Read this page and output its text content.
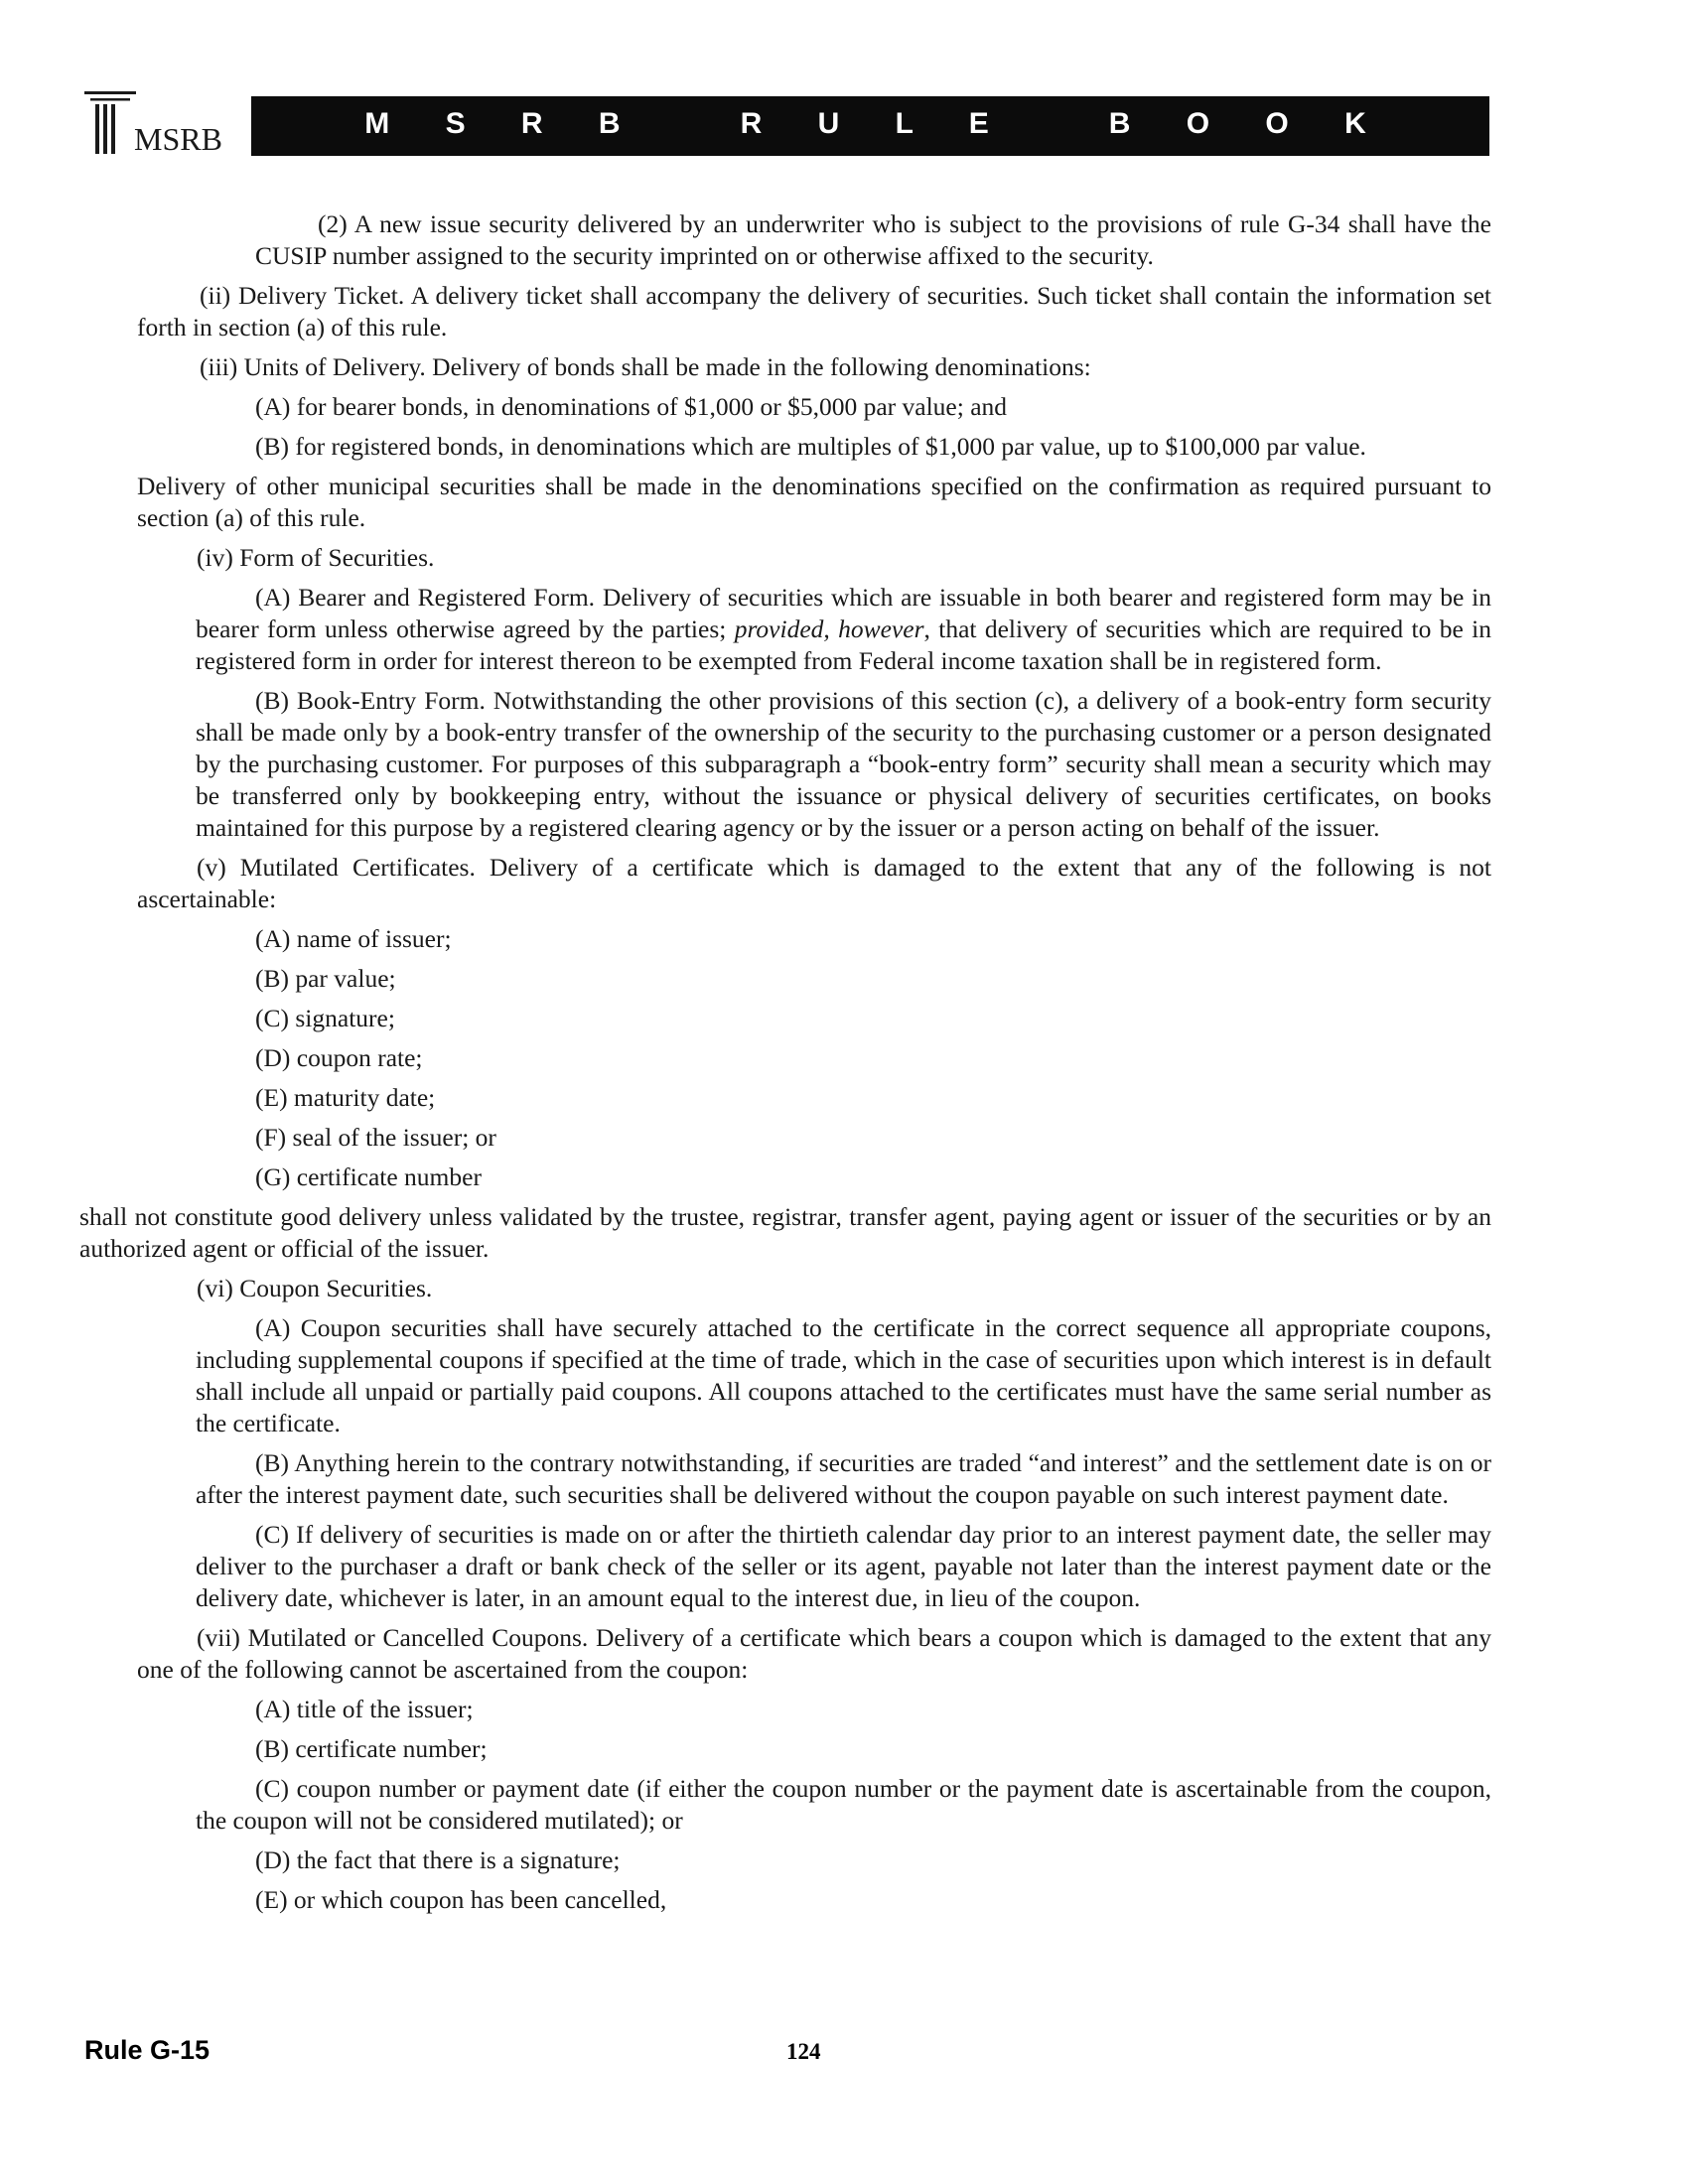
MSRB	M S R B   R U L E   B O O K
(2) A new issue security delivered by an underwriter who is subject to the provisions of rule G-34 shall have the CUSIP number assigned to the security imprinted on or otherwise affixed to the security.
(ii) Delivery Ticket. A delivery ticket shall accompany the delivery of securities. Such ticket shall contain the information set forth in section (a) of this rule.
(iii) Units of Delivery. Delivery of bonds shall be made in the following denominations:
(A) for bearer bonds, in denominations of $1,000 or $5,000 par value; and
(B) for registered bonds, in denominations which are multiples of $1,000 par value, up to $100,000 par value.
Delivery of other municipal securities shall be made in the denominations specified on the confirmation as required pursuant to section (a) of this rule.
(iv) Form of Securities.
(A) Bearer and Registered Form. Delivery of securities which are issuable in both bearer and registered form may be in bearer form unless otherwise agreed by the parties; provided, however, that delivery of securities which are required to be in registered form in order for interest thereon to be exempted from Federal income taxation shall be in registered form.
(B) Book-Entry Form. Notwithstanding the other provisions of this section (c), a delivery of a book-entry form security shall be made only by a book-entry transfer of the ownership of the security to the purchasing customer or a person designated by the purchasing customer. For purposes of this subparagraph a “book-entry form” security shall mean a security which may be transferred only by bookkeeping entry, without the issuance or physical delivery of securities certificates, on books maintained for this purpose by a registered clearing agency or by the issuer or a person acting on behalf of the issuer.
(v) Mutilated Certificates. Delivery of a certificate which is damaged to the extent that any of the following is not ascertainable:
(A) name of issuer;
(B) par value;
(C) signature;
(D) coupon rate;
(E) maturity date;
(F) seal of the issuer; or
(G) certificate number
shall not constitute good delivery unless validated by the trustee, registrar, transfer agent, paying agent or issuer of the securities or by an authorized agent or official of the issuer.
(vi) Coupon Securities.
(A) Coupon securities shall have securely attached to the certificate in the correct sequence all appropriate coupons, including supplemental coupons if specified at the time of trade, which in the case of securities upon which interest is in default shall include all unpaid or partially paid coupons. All coupons attached to the certificates must have the same serial number as the certificate.
(B) Anything herein to the contrary notwithstanding, if securities are traded “and interest” and the settlement date is on or after the interest payment date, such securities shall be delivered without the coupon payable on such interest payment date.
(C) If delivery of securities is made on or after the thirtieth calendar day prior to an interest payment date, the seller may deliver to the purchaser a draft or bank check of the seller or its agent, payable not later than the interest payment date or the delivery date, whichever is later, in an amount equal to the interest due, in lieu of the coupon.
(vii) Mutilated or Cancelled Coupons. Delivery of a certificate which bears a coupon which is damaged to the extent that any one of the following cannot be ascertained from the coupon:
(A) title of the issuer;
(B) certificate number;
(C) coupon number or payment date (if either the coupon number or the payment date is ascertainable from the coupon, the coupon will not be considered mutilated); or
(D) the fact that there is a signature;
(E) or which coupon has been cancelled,
Rule G-15	124
